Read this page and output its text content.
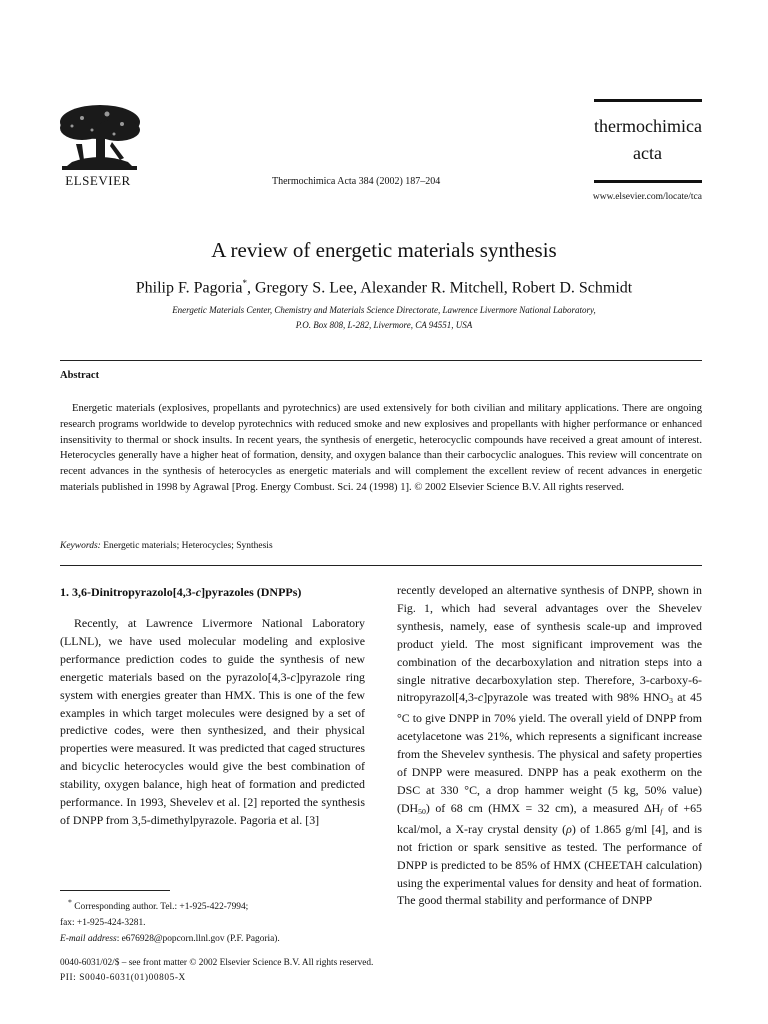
ELSEVIER	Thermochimica Acta 384 (2002) 187–204
thermochimica
acta
www.elsevier.com/locate/tca
A review of energetic materials synthesis
Philip F. Pagoria*, Gregory S. Lee, Alexander R. Mitchell, Robert D. Schmidt
Energetic Materials Center, Chemistry and Materials Science Directorate, Lawrence Livermore National Laboratory,
P.O. Box 808, L-282, Livermore, CA 94551, USA
Abstract
Energetic materials (explosives, propellants and pyrotechnics) are used extensively for both civilian and military applications. There are ongoing research programs worldwide to develop pyrotechnics with reduced smoke and new explosives and propellants with higher performance or enhanced insensitivity to thermal or shock insults. In recent years, the synthesis of energetic, heterocyclic compounds have received a great amount of interest. Heterocycles generally have a higher heat of formation, density, and oxygen balance than their carbocyclic analogues. This review will concentrate on recent advances in the synthesis of heterocycles as energetic materials and will complement the excellent review of recent advances in energetic materials published in 1998 by Agrawal [Prog. Energy Combust. Sci. 24 (1998) 1]. © 2002 Elsevier Science B.V. All rights reserved.
Keywords: Energetic materials; Heterocycles; Synthesis
1. 3,6-Dinitropyrazolo[4,3-c]pyrazoles (DNPPs)
Recently, at Lawrence Livermore National Laboratory (LLNL), we have used molecular modeling and explosive performance prediction codes to guide the synthesis of new energetic materials based on the pyrazolo[4,3-c]pyrazole ring system with energies greater than HMX. This is one of the few examples in which target molecules were designed by a set of predictive codes, were then synthesized, and their physical properties were measured. It was predicted that caged structures and bicyclic heterocycles would give the best combination of stability, oxygen balance, high heat of formation and predicted performance. In 1993, Shevelev et al. [2] reported the synthesis of DNPP from 3,5-dimethylpyrazole. Pagoria et al. [3]
recently developed an alternative synthesis of DNPP, shown in Fig. 1, which had several advantages over the Shevelev synthesis, namely, ease of synthesis scale-up and improved product yield. The most significant improvement was the combination of the decarboxylation and nitration steps into a single nitrative decarboxylation step. Therefore, 3-carboxy-6-nitropyrazol[4,3-c]pyrazole was treated with 98% $HNO_3$ at 45 °C to give DNPP in 70% yield. The overall yield of DNPP from acetylacetone was 21%, which represents a significant increase from the Shevelev synthesis. The physical and safety properties of DNPP were measured. DNPP has a peak exotherm on the DSC at 330 °C, a drop hammer weight (5 kg, 50% value) $(DH_{50})$ of 68 cm (HMX = 32 cm), a measured $\Delta H_f$ of +65 kcal/mol, a X-ray crystal density (ρ) of 1.865 g/ml [4], and is not friction or spark sensitive as tested. The performance of DNPP is predicted to be 85% of HMX (CHEETAH calculation) using the experimental values for density and heat of formation. The good thermal stability and performance of DNPP
* Corresponding author. Tel.: +1-925-422-7994;
fax: +1-925-424-3281.
E-mail address: e676928@popcorn.llnl.gov (P.F. Pagoria).
0040-6031/02/$ – see front matter © 2002 Elsevier Science B.V. All rights reserved.
PII: S0040-6031(01)00805-X
